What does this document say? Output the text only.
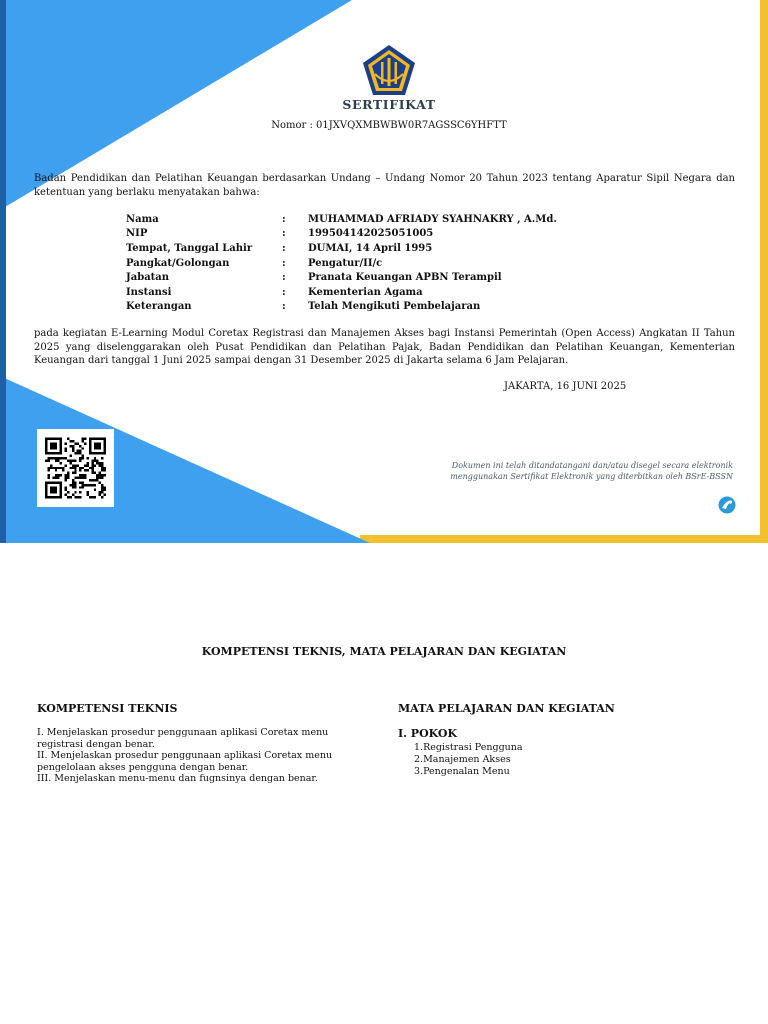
SERTIFIKAT
Nomor : 01JXVQXMBWBW0R7AGSSC6YHFTT
Badan Pendidikan dan Pelatihan Keuangan berdasarkan Undang – Undang Nomor 20 Tahun 2023 tentang Aparatur Sipil Negara dan ketentuan yang berlaku menyatakan bahwa:
Nama	:	MUHAMMAD AFRIADY SYAHNAKRY , A.Md.
NIP	:	199504142025051005
Tempat, Tanggal Lahir	:	DUMAI, 14 April 1995
Pangkat/Golongan	:	Pengatur/II/c
Jabatan	:	Pranata Keuangan APBN Terampil
Instansi	:	Kementerian Agama
Keterangan	:	Telah Mengikuti Pembelajaran
pada kegiatan E-Learning Modul Coretax Registrasi dan Manajemen Akses bagi Instansi Pemerintah (Open Access) Angkatan II Tahun 2025 yang diselenggarakan oleh Pusat Pendidikan dan Pelatihan Pajak, Badan Pendidikan dan Pelatihan Keuangan, Kementerian Keuangan dari tanggal 1 Juni 2025 sampai dengan 31 Desember 2025 di Jakarta selama 6 Jam Pelajaran.
JAKARTA, 16 JUNI 2025
Dokumen ini telah ditandatangani dan/atau disegel secara elektronik
menggunakan Sertifikat Elektronik yang diterbitkan oleh BSrE-BSSN
KOMPETENSI TEKNIS, MATA PELAJARAN DAN KEGIATAN
KOMPETENSI TEKNIS

I. Menjelaskan prosedur penggunaan aplikasi Coretax menu registrasi dengan benar.

II. Menjelaskan prosedur penggunaan aplikasi Coretax menu pengelolaan akses pengguna dengan benar.

III. Menjelaskan menu-menu dan fugnsinya dengan benar.

MATA PELAJARAN DAN KEGIATAN
I. POKOK
1.Registrasi Pengguna
2.Manajemen Akses
3.Pengenalan Menu
